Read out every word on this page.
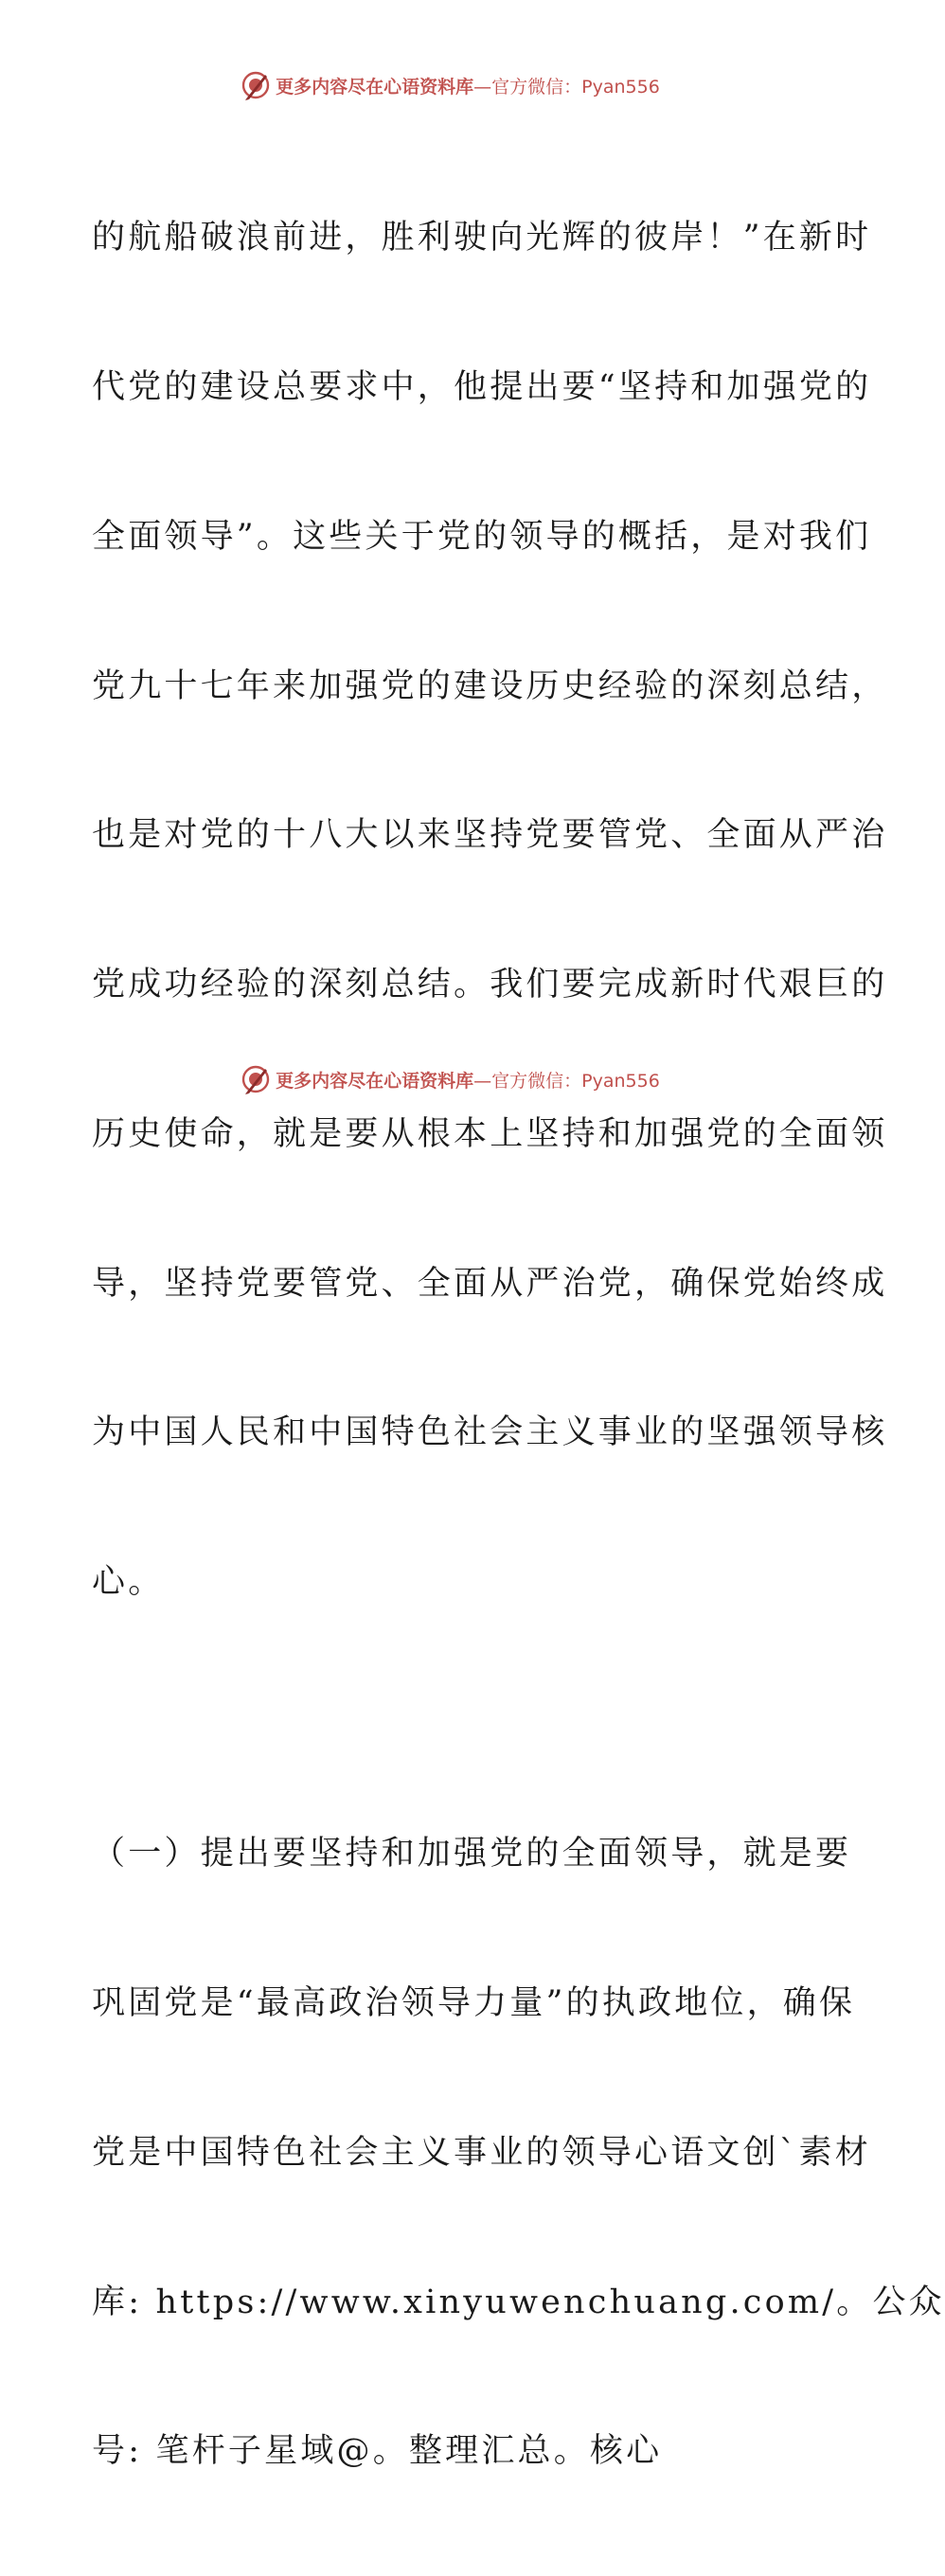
更多内容尽在心语资料库—官方微信：Pyan556

的航船破浪前进，胜利驶向光辉的彼岸！”在新时

代党的建设总要求中，他提出要“坚持和加强党的

全面领导”。这些关于党的领导的概括，是对我们

党九十七年来加强党的建设历史经验的深刻总结，

也是对党的十八大以来坚持党要管党、全面从严治

党成功经验的深刻总结。我们要完成新时代艰巨的

历史使命，就是要从根本上坚持和加强党的全面领

导，坚持党要管党、全面从严治党，确保党始终成

为中国人民和中国特色社会主义事业的坚强领导核

心。

（一）提出要坚持和加强党的全面领导，就是要

巩固党是“最高政治领导力量”的执政地位，确保

党是中国特色社会主义事业的领导心语文创`素材

库: https://www.xinyuwenchuang.com/。公众

号: 笔杆子星域@。整理汇总。核心

更多内容尽在心语资料库—官方微信：Pyan556
